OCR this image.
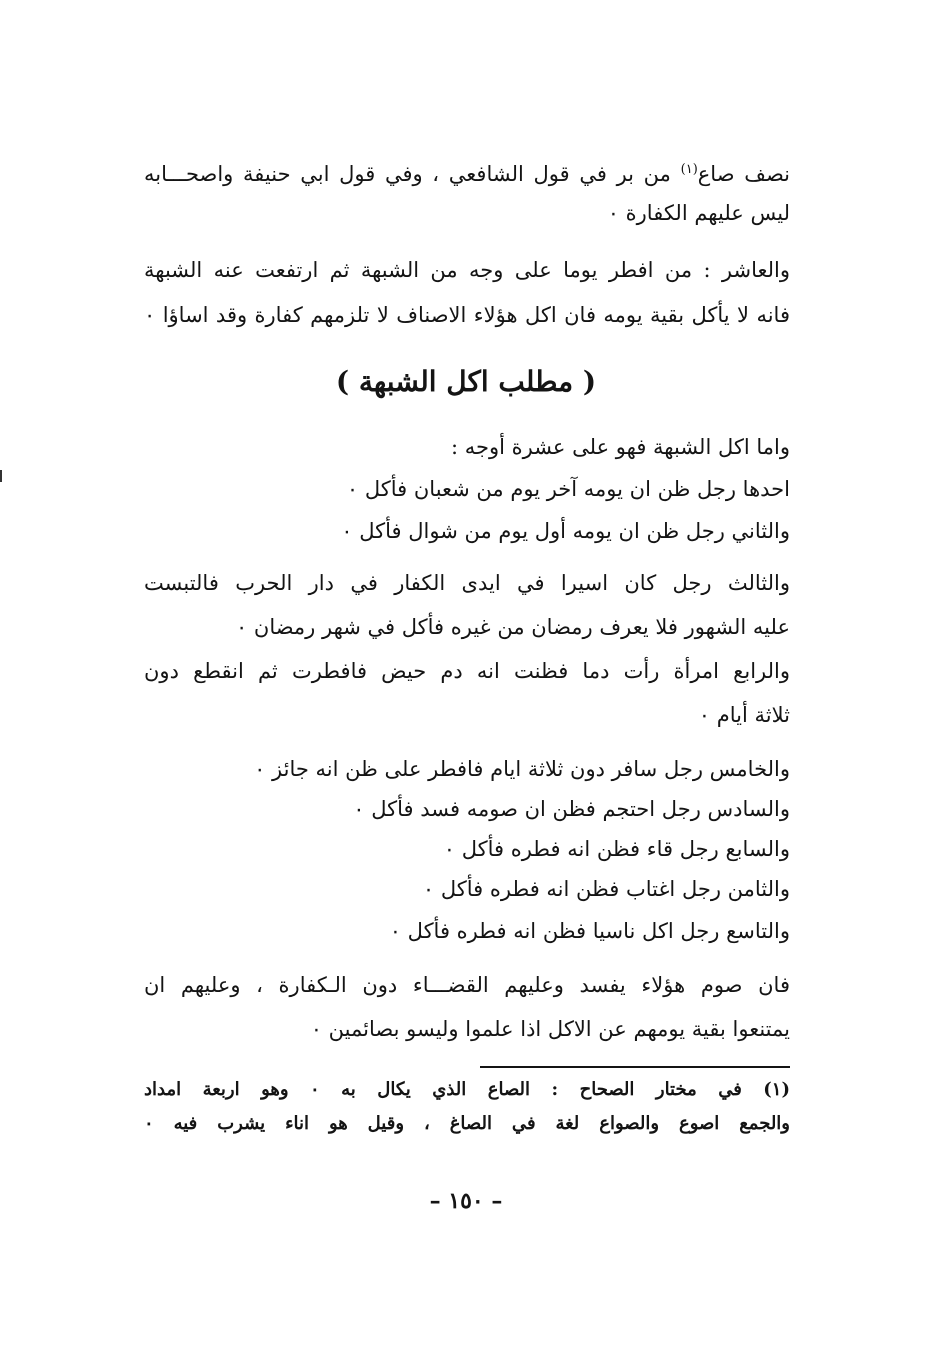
نصف صاع$^{(١)}$ من بر في قول الشافعي ، وفي قول ابي حنيفة واصحـــابه

ليس عليهم الكفارة ٠

والعاشر : من افطر يوما على وجه من الشبهة ثم ارتفعت عنه الشبهة

فانه لا يأكل بقية يومه فان اكل هؤلاء الاصناف لا تلزمهم كفارة وقد اساؤا ٠

( مطلب اكل الشبهة )

واما اكل الشبهة فهو على عشرة أوجه :

احدها رجل ظن ان يومه آخر يوم من شعبان فأكل ٠

والثاني رجل ظن ان يومه أول يوم من شوال فأكل ٠

والثالث رجل كان اسيرا في ايدى الكفار في دار الحرب فالتبست

عليه الشهور فلا يعرف رمضان من غيره فأكل في شهر رمضان ٠

والرابع امرأة رأت دما فظنت انه دم حيض فافطرت ثم انقطع دون

ثلاثة أيام ٠

والخامس رجل سافر دون ثلاثة ايام فافطر على ظن انه جائز ٠

والسادس رجل احتجم فظن ان صومه فسد فأكل ٠

والسابع رجل قاء فظن انه فطره فأكل ٠

والثامن رجل اغتاب فظن انه فطره فأكل ٠

والتاسع رجل اكل ناسيا فظن انه فطره فأكل ٠

فان صوم هؤلاء يفسد وعليهم القضـــاء دون الـكفارة ، وعليهم ان

يمتنعوا بقية يومهم عن الاكل اذا علموا وليسو بصائمين ٠

(١) في مختار الصحاح : الصاع الذي يكال به ٠ وهو اربعة امداد
والجمع اصوع والصواع لغة في الصاغ ، وقيل هو اناء يشرب فيه ٠
– ١٥٠ –
